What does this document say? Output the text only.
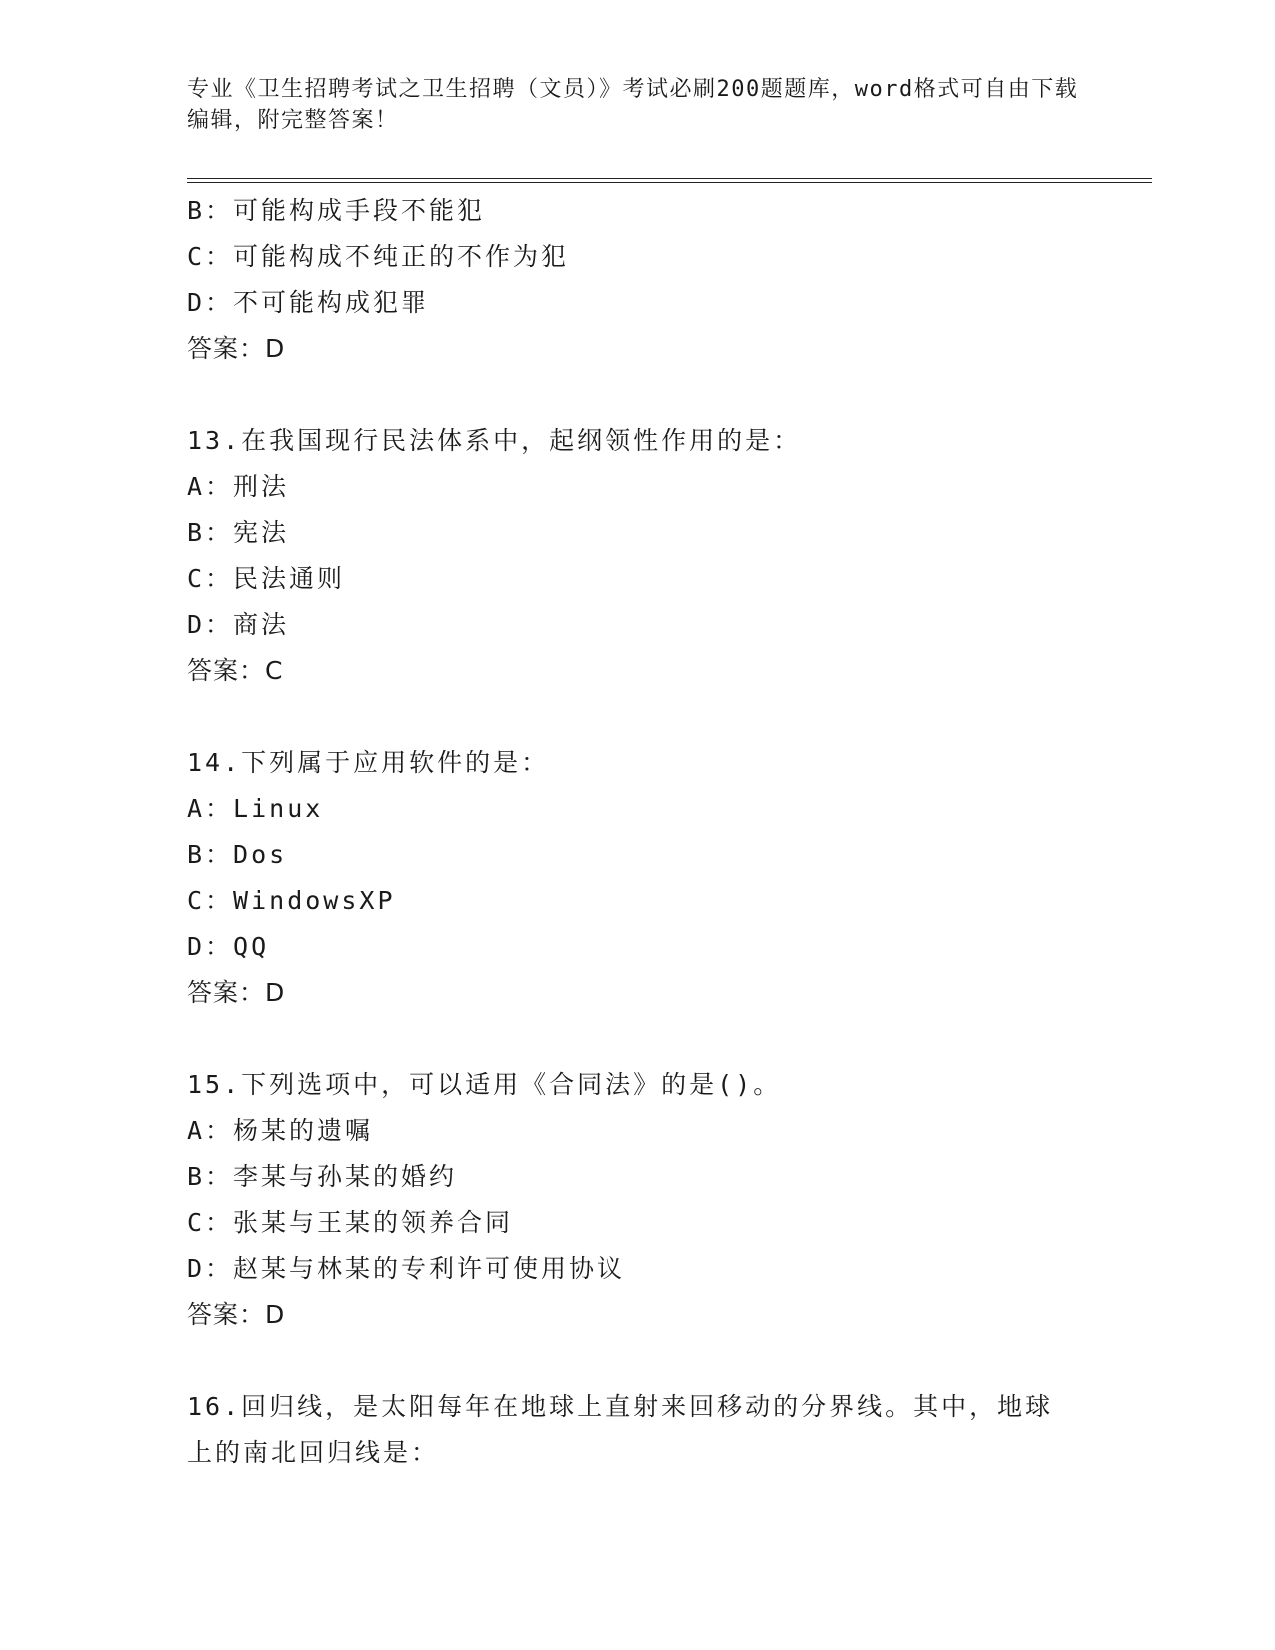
专业《卫生招聘考试之卫生招聘（文员）》考试必刷200题题库，word格式可自由下载编辑，附完整答案！
B：可能构成手段不能犯
C：可能构成不纯正的不作为犯
D：不可能构成犯罪
答案：D
13.在我国现行民法体系中，起纲领性作用的是：
A：刑法
B：宪法
C：民法通则
D：商法
答案：C
14.下列属于应用软件的是：
A：Linux
B：Dos
C：WindowsXP
D：QQ
答案：D
15.下列选项中，可以适用《合同法》的是()。
A：杨某的遗嘱
B：李某与孙某的婚约
C：张某与王某的领养合同
D：赵某与林某的专利许可使用协议
答案：D
16.回归线，是太阳每年在地球上直射来回移动的分界线。其中，地球上的南北回归线是：
